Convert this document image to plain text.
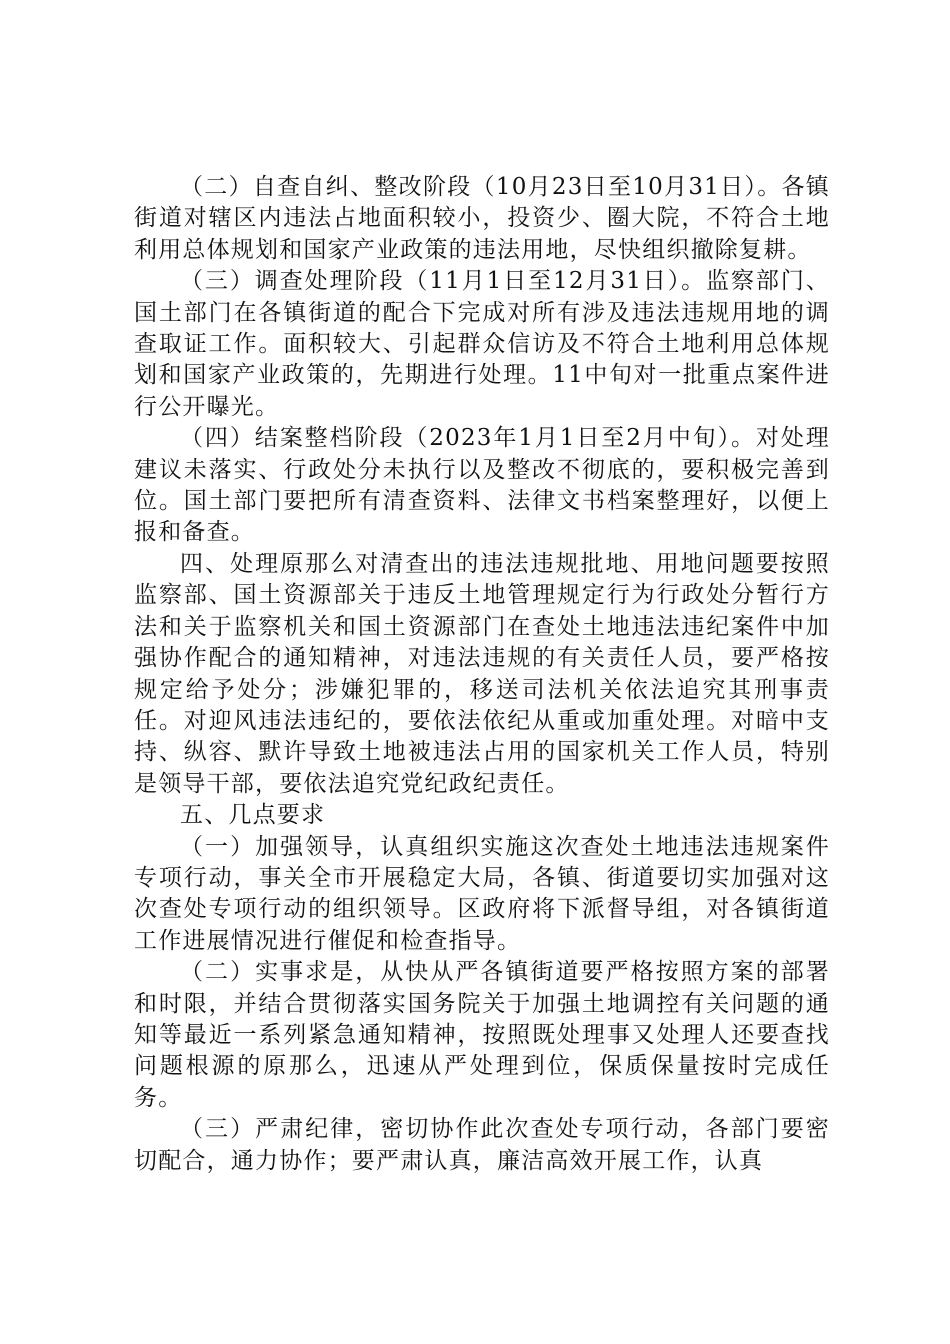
（二）自查自纠、整改阶段（10月23日至10月31日）。各镇街道对辖区内违法占地面积较小，投资少、圈大院，不符合土地利用总体规划和国家产业政策的违法用地，尽快组织撤除复耕。

（三）调查处理阶段（11月1日至12月31日）。监察部门、国土部门在各镇街道的配合下完成对所有涉及违法违规用地的调查取证工作。面积较大、引起群众信访及不符合土地利用总体规划和国家产业政策的，先期进行处理。11中旬对一批重点案件进行公开曝光。

（四）结案整档阶段（2023年1月1日至2月中旬）。对处理建议未落实、行政处分未执行以及整改不彻底的，要积极完善到位。国土部门要把所有清查资料、法律文书档案整理好，以便上报和备查。

四、处理原那么对清查出的违法违规批地、用地问题要按照监察部、国土资源部关于违反土地管理规定行为行政处分暂行方法和关于监察机关和国土资源部门在查处土地违法违纪案件中加强协作配合的通知精神，对违法违规的有关责任人员，要严格按规定给予处分；涉嫌犯罪的，移送司法机关依法追究其刑事责任。对迎风违法违纪的，要依法依纪从重或加重处理。对暗中支持、纵容、默许导致土地被违法占用的国家机关工作人员，特别是领导干部，要依法追究党纪政纪责任。

五、几点要求

（一）加强领导，认真组织实施这次查处土地违法违规案件专项行动，事关全市开展稳定大局，各镇、街道要切实加强对这次查处专项行动的组织领导。区政府将下派督导组，对各镇街道工作进展情况进行催促和检查指导。

（二）实事求是，从快从严各镇街道要严格按照方案的部署和时限，并结合贯彻落实国务院关于加强土地调控有关问题的通知等最近一系列紧急通知精神，按照既处理事又处理人还要查找问题根源的原那么，迅速从严处理到位，保质保量按时完成任务。

（三）严肃纪律，密切协作此次查处专项行动，各部门要密切配合，通力协作；要严肃认真，廉洁高效开展工作，认真
